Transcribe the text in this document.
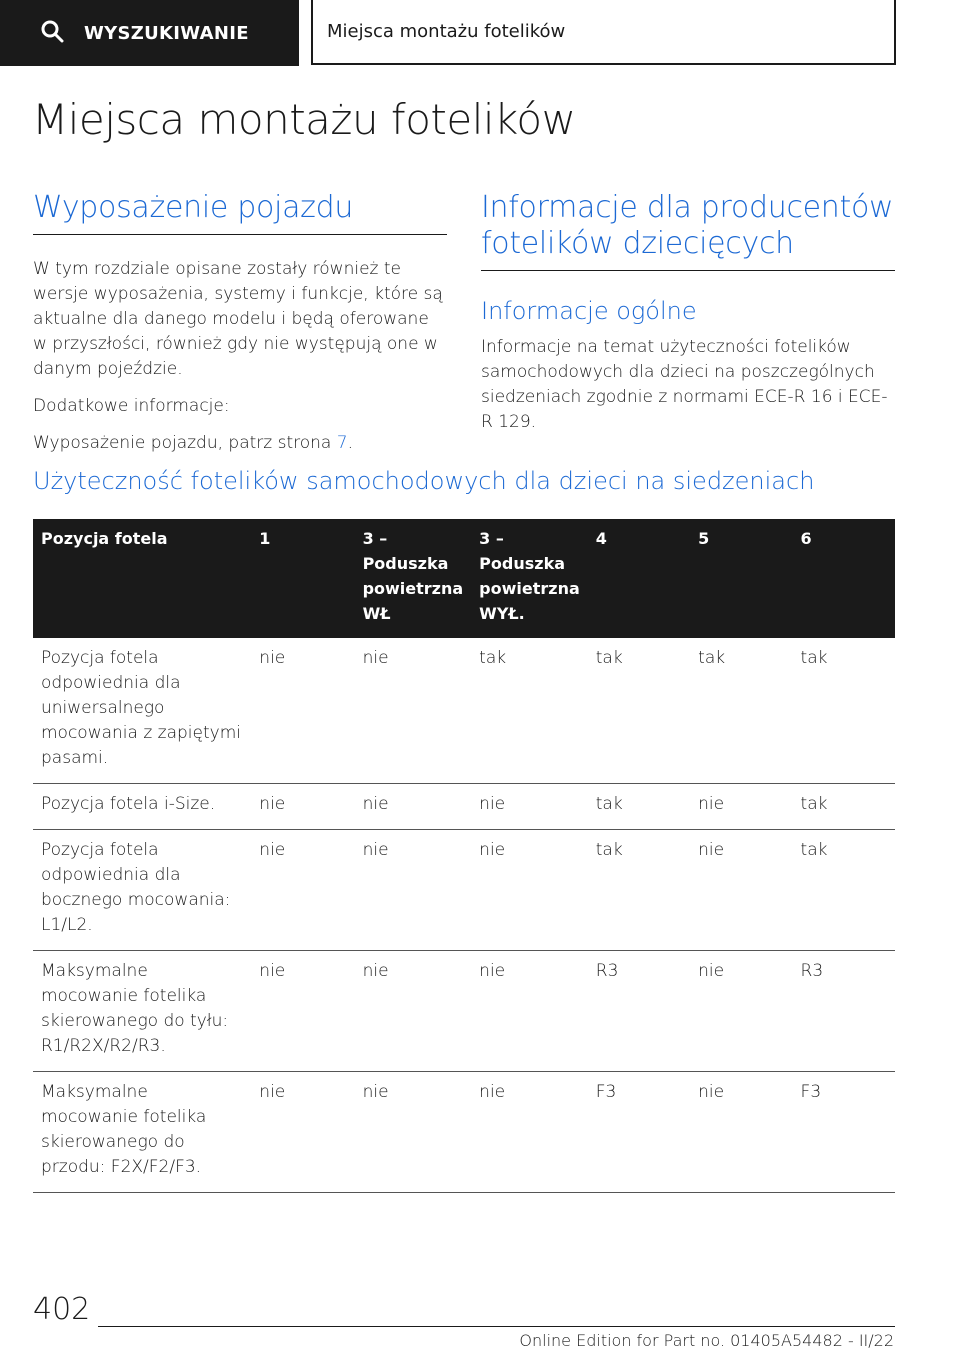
WYSZUKIWANIE	Miejsca montażu fotelików
Miejsca montażu fotelików
Wyposażenie pojazdu

W tym rozdziale opisane zostały również te wersje wyposażenia, systemy i funkcje, które są aktualne dla danego modelu i będą oferowane w przyszłości, również gdy nie występują one w danym pojeździe.

Dodatkowe informacje:

Wyposażenie pojazdu, patrz strona 7.

Informacje dla producentów fotelików dziecięcych
Informacje ogólne

Informacje na temat użyteczności fotelików samochodowych dla dzieci na poszczególnych siedzeniach zgodnie z normami ECE-R 16 i ECE-R 129.

Użyteczność fotelików samochodowych dla dzieci na siedzeniach
Pozycja fotela	1	3 – Poduszka powietrzna WŁ	3 – Poduszka powietrzna WYŁ.	4	5	6
Pozycja fotela odpowiednia dla uniwersalnego mocowania z zapiętymi pasami.	nie	nie	tak	tak	tak	tak
Pozycja fotela i-Size.	nie	nie	nie	tak	nie	tak
Pozycja fotela odpowiednia dla bocznego mocowania: L1/L2.	nie	nie	nie	tak	nie	tak
Maksymalne mocowanie fotelika skierowanego do tyłu: R1/R2X/R2/R3.	nie	nie	nie	R3	nie	R3
Maksymalne mocowanie fotelika skierowanego do przodu: F2X/F2/F3.	nie	nie	nie	F3	nie	F3
402
Online Edition for Part no. 01405A54482 - II/22
